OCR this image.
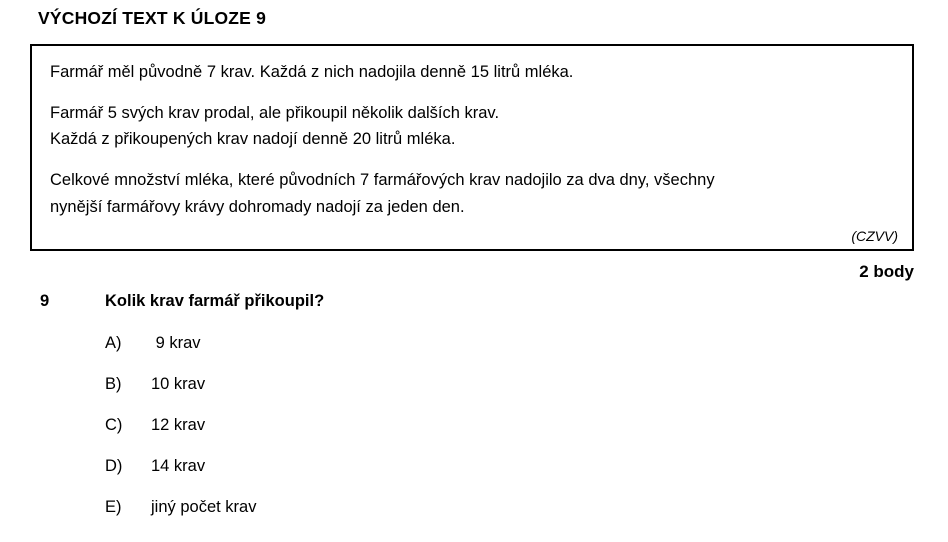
VÝCHOZÍ TEXT K ÚLOZE 9

Farmář měl původně 7 krav. Každá z nich nadojila denně 15 litrů mléka.

Farmář 5 svých krav prodal, ale přikoupil několik dalších krav.

Každá z přikoupených krav nadojí denně 20 litrů mléka.

Celkové množství mléka, které původních 7 farmářových krav nadojilo za dva dny, všechny

nynější farmářovy krávy dohromady nadojí za jeden den.

(CZVV)
2 body
9	Kolik krav farmář přikoupil?
A)	9 krav
B)	10 krav
C)	12 krav
D)	14 krav
E)	jiný počet krav
